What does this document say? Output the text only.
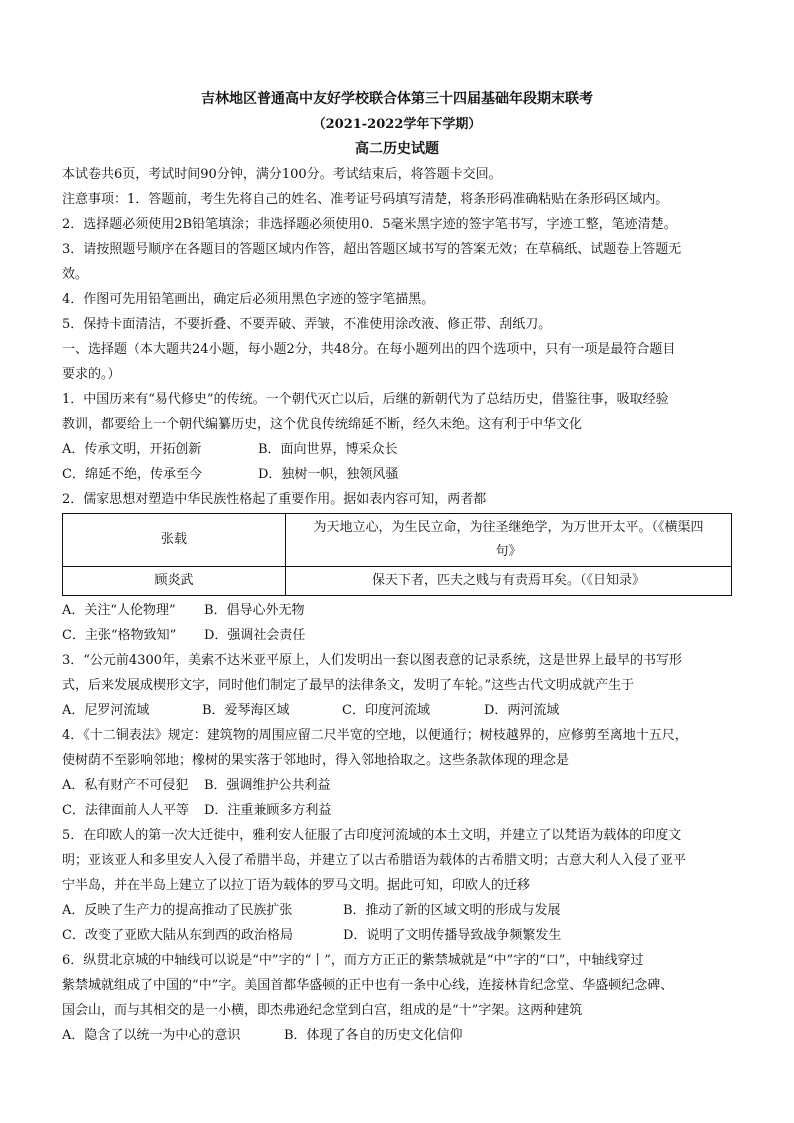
吉林地区普通高中友好学校联合体第三十四届基础年段期末联考
（2021-2022学年下学期）
高二历史试题
本试卷共6页，考试时间90分钟，满分100分。考试结束后，将答题卡交回。
注意事项：1．答题前，考生先将自己的姓名、准考证号码填写清楚，将条形码准确粘贴在条形码区域内。
2．选择题必须使用2B铅笔填涂；非选择题必须使用0．5毫米黑字迹的签字笔书写，字迹工整，笔迹清楚。
3．请按照题号顺序在各题目的答题区域内作答，超出答题区域书写的答案无效；在草稿纸、试题卷上答题无
效。
4．作图可先用铅笔画出，确定后必须用黑色字迹的签字笔描黑。
5．保持卡面清洁，不要折叠、不要弄破、弄皱，不准使用涂改液、修正带、刮纸刀。
一、选择题（本大题共24小题，每小题2分，共48分。在每小题列出的四个选项中，只有一项是最符合题目
要求的。）
1．中国历来有“易代修史”的传统。一个朝代灭亡以后，后继的新朝代为了总结历史，借鉴往事，吸取经验
教训，都要给上一个朝代编纂历史，这个优良传统绵延不断，经久未绝。这有利于中华文化
A．传承文明，开拓创新	B．面向世界，博采众长
C．绵延不绝，传承至今	D．独树一帜，独领风骚
2．儒家思想对塑造中华民族性格起了重要作用。据如表内容可知，两者都
张载	为天地立心，为生民立命，为往圣继绝学，为万世开太平。（《横渠四
句》

顾炎武	保天下者，匹夫之贱与有责焉耳矣。（《日知录》
A．关注“人伦物理” B．倡导心外无物
C．主张“格物致知” D．强调社会责任
3．“公元前4300年，美索不达米亚平原上，人们发明出一套以图表意的记录系统，这是世界上最早的书写形
式，后来发展成楔形文字，同时他们制定了最早的法律条文，发明了车轮。”这些古代文明成就产生于
A．尼罗河流域	B．爱琴海区域	C．印度河流域	D．两河流域
4．《十二铜表法》规定：建筑物的周围应留二尺半宽的空地，以便通行；树枝越界的，应修剪至离地十五尺，
使树荫不至影响邻地；橡树的果实落于邻地时，得入邻地拾取之。这些条款体现的理念是
A．私有财产不可侵犯 B．强调维护公共利益
C．法律面前人人平等 D．注重兼顾多方利益
5．在印欧人的第一次大迁徙中，雅利安人征服了古印度河流域的本土文明，并建立了以梵语为载体的印度文
明；亚该亚人和多里安人入侵了希腊半岛，并建立了以古希腊语为载体的古希腊文明；古意大利人入侵了亚平
宁半岛，并在半岛上建立了以拉丁语为载体的罗马文明。据此可知，印欧人的迁移
A．反映了生产力的提高推动了民族扩张	B．推动了新的区域文明的形成与发展
C．改变了亚欧大陆从东到西的政治格局	D．说明了文明传播导致战争频繁发生
6．纵贯北京城的中轴线可以说是“中”字的“丨”，而方方正正的紫禁城就是“中”字的“口”，中轴线穿过
紫禁城就组成了中国的“中”字。美国首都华盛顿的正中也有一条中心线，连接林肯纪念堂、华盛顿纪念碑、
国会山，而与其相交的是一小横，即杰弗逊纪念堂到白宫，组成的是“十”字架。这两种建筑
A．隐含了以统一为中心的意识	B．体现了各自的历史文化信仰
